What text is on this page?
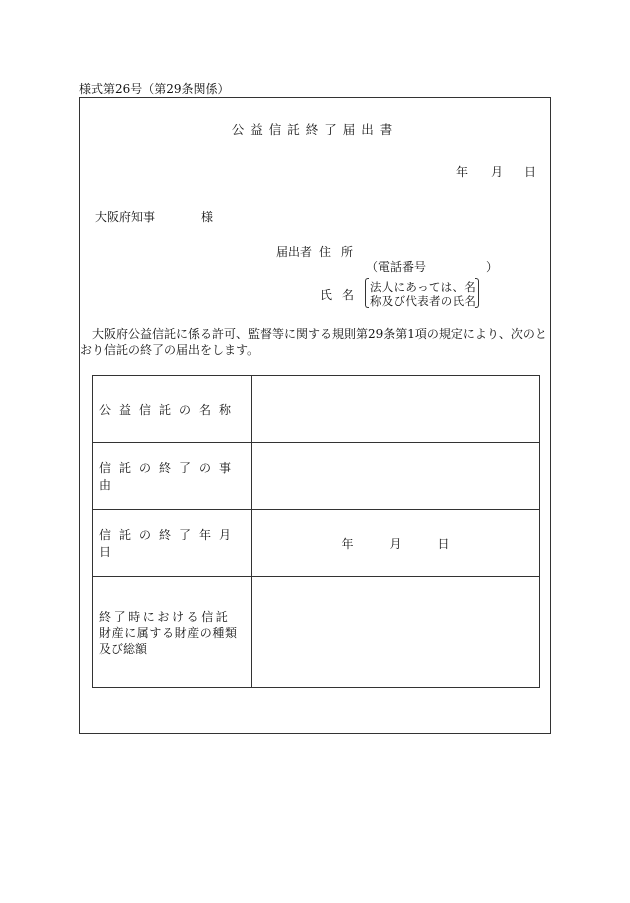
様式第26号（第29条関係）
公益信託終了届出書
年 月 日
大阪府知事	様
届出者 住所
（電話番号　　　　　）
氏名
法人にあっては、名
称及び代表者の氏名
大阪府公益信託に係る許可、監督等に関する規則第29条第1項の規定により、次のとおり信託の終了の届出をします。
公益信託の名称	
信託の終了の事由	
信託の終了年月日	年 月 日

終了時における信託
財産に属する財産の種類
及び総額	
